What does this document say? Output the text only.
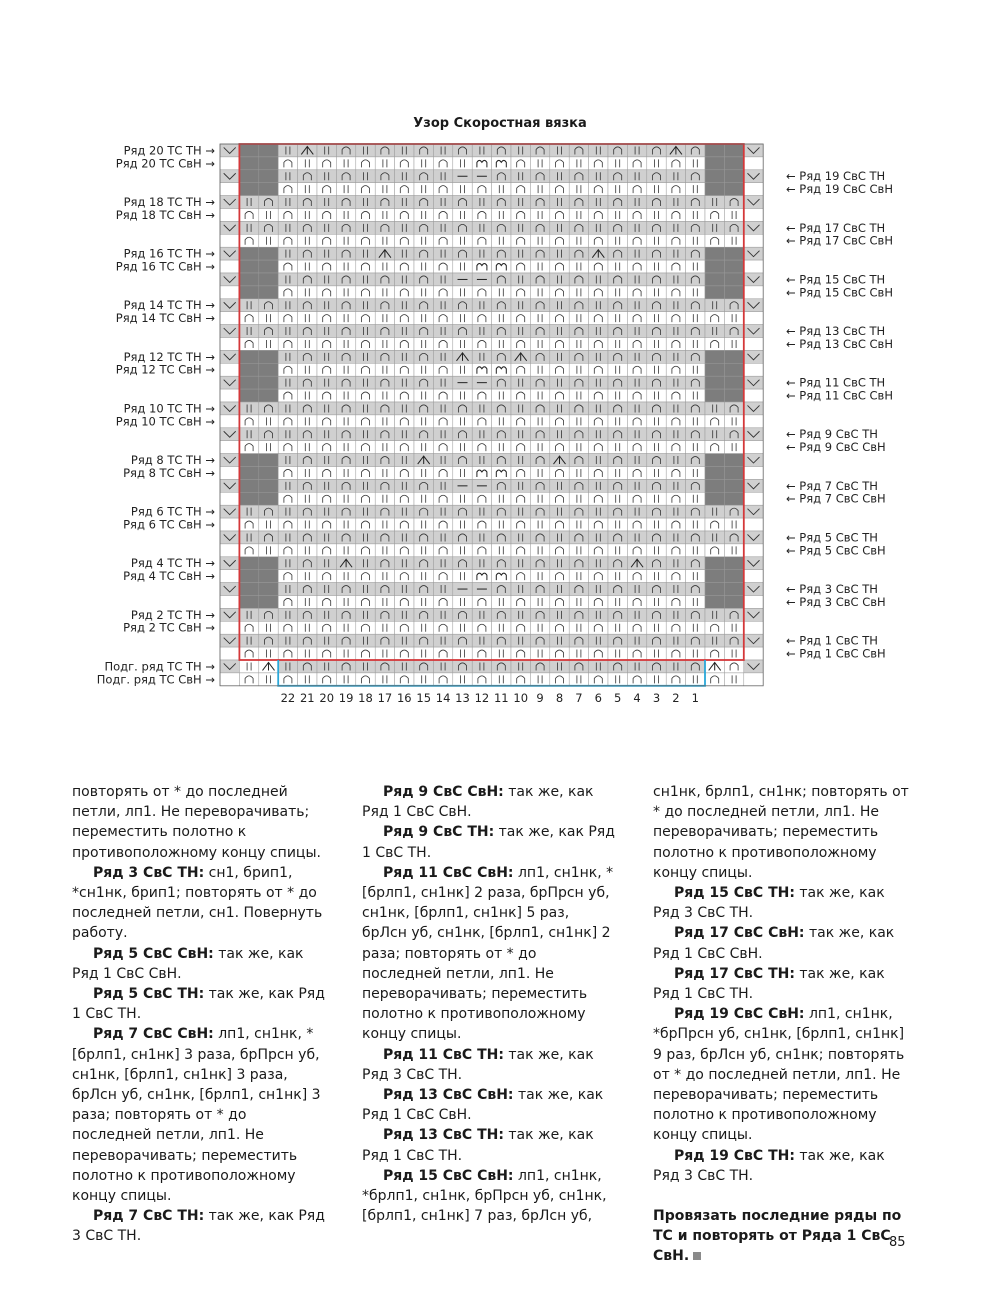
Узор Скоростная вязка
Ряд 20 ТС ТН →
Ряд 20 ТС СвН →
Ряд 18 ТС ТН →
Ряд 18 ТС СвН →
Ряд 16 ТС ТН →
Ряд 16 ТС СвН →
Ряд 14 ТС ТН →
Ряд 14 ТС СвН →
Ряд 12 ТС ТН →
Ряд 12 ТС СвН →
Ряд 10 ТС ТН →
Ряд 10 ТС СвН →
Ряд 8 ТС ТН →
Ряд 8 ТС СвН →
Ряд 6 ТС ТН →
Ряд 6 ТС СвН →
Ряд 4 ТС ТН →
Ряд 4 ТС СвН →
Ряд 2 ТС ТН →
Ряд 2 ТС СвН →
Подг. ряд ТС ТН →
Подг. ряд ТС СвН →
← Ряд 19 СвС ТН
← Ряд 19 СвС СвН
← Ряд 17 СвС ТН
← Ряд 17 СвС СвН
← Ряд 15 СвС ТН
← Ряд 15 СвС СвН
← Ряд 13 СвС ТН
← Ряд 13 СвС СвН
← Ряд 11 СвС ТН
← Ряд 11 СвС СвН
← Ряд 9 СвС ТН
← Ряд 9 СвС СвН
← Ряд 7 СвС ТН
← Ряд 7 СвС СвН
← Ряд 5 СвС ТН
← Ряд 5 СвС СвН
← Ряд 3 СвС ТН
← Ряд 3 СвС СвН
← Ряд 1 СвС ТН
← Ряд 1 СвС СвН
22 21 20 19 18 17 16 15 14 13 12 11 10 9 8 7 6 5 4 3 2 1

повторять от * до последней петли, лп1. Не переворачивать; переместить полотно к противоположному концу спицы.

Ряд 3 СвС ТН: сн1, брип1, *сн1нк, брип1; повторять от * до последней петли, сн1. Повернуть работу.

Ряд 5 СвС СвН: так же, как Ряд 1 СвС СвН.

Ряд 5 СвС ТН: так же, как Ряд 1 СвС ТН.

Ряд 7 СвС СвН: лп1, сн1нк, *[брлп1, сн1нк] 3 раза, брПрсн уб, сн1нк, [брлп1, сн1нк] 3 раза, брЛсн уб, сн1нк, [брлп1, сн1нк] 3 раза; повторять от * до последней петли, лп1. Не переворачивать; переместить полотно к противоположному концу спицы.

Ряд 7 СвС ТН: так же, как Ряд 3 СвС ТН.

Ряд 9 СвС СвН: так же, как Ряд 1 СвС СвН.

Ряд 9 СвС ТН: так же, как Ряд 1 СвС ТН.

Ряд 11 СвС СвН: лп1, сн1нк, *[брлп1, сн1нк] 2 раза, брПрсн уб, сн1нк, [брлп1, сн1нк] 5 раз, брЛсн уб, сн1нк, [брлп1, сн1нк] 2 раза; повторять от * до последней петли, лп1. Не переворачивать; переместить полотно к противоположному концу спицы.

Ряд 11 СвС ТН: так же, как Ряд 3 СвС ТН.

Ряд 13 СвС СвН: так же, как Ряд 1 СвС СвН.

Ряд 13 СвС ТН: так же, как Ряд 1 СвС ТН.

Ряд 15 СвС СвН: лп1, сн1нк, *брлп1, сн1нк, брПрсн уб, сн1нк, [брлп1, сн1нк] 7 раз, брЛсн уб,

сн1нк, брлп1, сн1нк; повторять от * до последней петли, лп1. Не переворачивать; переместить полотно к противоположному концу спицы.

Ряд 15 СвС ТН: так же, как Ряд 3 СвС ТН.

Ряд 17 СвС СвН: так же, как Ряд 1 СвС СвН.

Ряд 17 СвС ТН: так же, как Ряд 1 СвС ТН.

Ряд 19 СвС СвН: лп1, сн1нк, *брПрсн уб, сн1нк, [брлп1, сн1нк] 9 раз, брЛсн уб, сн1нк; повторять от * до последней петли, лп1. Не переворачивать; переместить полотно к противоположному концу спицы.

Ряд 19 СвС ТН: так же, как Ряд 3 СвС ТН.

Провязать последние ряды по ТС и повторять от Ряда 1 СвС СвН.

85
